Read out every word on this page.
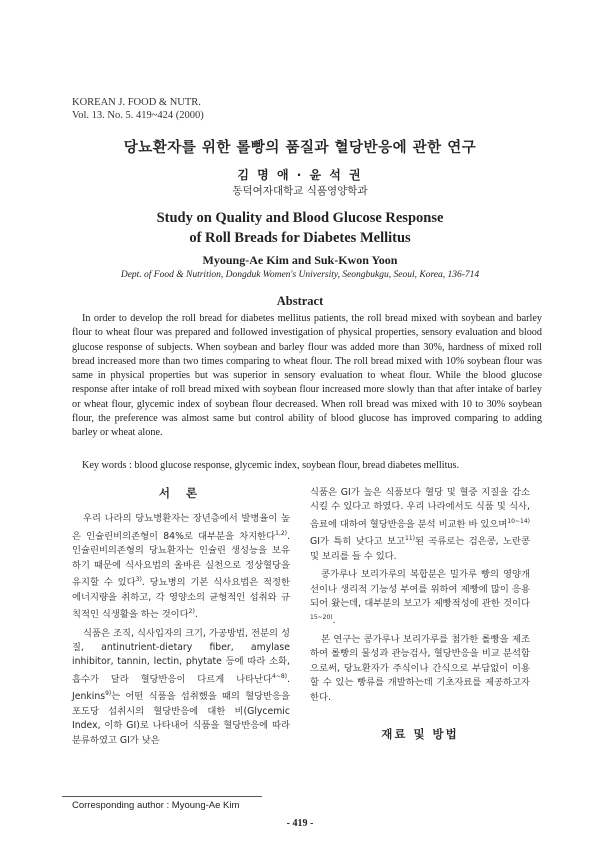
KOREAN J. FOOD & NUTR.
Vol. 13. No. 5. 419~424 (2000)
당뇨환자를 위한 롤빵의 품질과 혈당반응에 관한 연구
김 명 애 · 윤 석 권
동덕여자대학교 식품영양학과
Study on Quality and Blood Glucose Response
of Roll Breads for Diabetes Mellitus
Myoung-Ae Kim and Suk-Kwon Yoon
Dept. of Food & Nutrition, Dongduk Women's University, Seongbukgu, Seoul, Korea, 136-714
Abstract

In order to develop the roll bread for diabetes mellitus patients, the roll bread mixed with soybean and barley flour to wheat flour was prepared and followed investigation of physical properties, sensory evaluation and blood glucose response of subjects. When soybean and barley flour was added more than 30%, hardness of mixed roll bread increased more than two times comparing to wheat flour. The roll bread mixed with 10% soybean flour was same in physical properties but was superior in sensory evaluation to wheat flour. While the blood glucose response after intake of roll bread mixed with soybean flour increased more slowly than that after intake of barley or wheat flour, glycemic index of soybean flour decreased. When roll bread was mixed with 10 to 30% soybean flour, the preference was almost same but control ability of blood glucose has improved comparing to adding barley or wheat alone.

Key words : blood glucose response, glycemic index, soybean flour, bread diabetes mellitus.
서 론

우리 나라의 당뇨병환자는 장년층에서 발병율이 높은 인슐린비의존형이 84%로 대부분을 차지한다$^{1,2)}$. 인슐린비의존형의 당뇨환자는 인슐린 생성능을 보유하기 때문에 식사요법의 올바른 실천으로 정상혈당을 유지할 수 있다$^{3)}$. 당뇨병의 기본 식사요법은 적정한 에너지량을 취하고, 각 영양소의 균형적인 섭취와 규칙적인 식생활을 하는 것이다$^{2)}$.

식품은 조직, 식사입자의 크기, 가공방법, 전분의 성질, antinutrient-dietary fiber, amylase inhibitor, tannin, lectin, phytate 등에 따라 소화, 흡수가 달라 혈당반응이 다르게 나타난다$^{4\sim 8)}$. Jenkins$^{9)}$는 어떤 식품을 섭취했을 때의 혈당반응을 포도당 섭취시의 혈당반응에 대한 비(Glycemic Index, 이하 GI)로 나타내어 식품을 혈당반응에 따라 분류하였고 GI가 낮은

식품은 GI가 높은 식품보다 혈당 및 혈중 지질을 감소시킬 수 있다고 하였다. 우리 나라에서도 식품 및 식사, 음료에 대하여 혈당반응을 분석 비교한 바 있으며$^{10\sim 14)}$ GI가 특히 낮다고 보고$^{11)}$된 곡류로는 검은콩, 노란콩 및 보리를 들 수 있다.

콩가루나 보리가루의 복합분은 밀가루 빵의 영양개선이나 생리적 기능성 부여를 위하여 제빵에 많이 응용되어 왔는데, 대부분의 보고가 제빵적성에 관한 것이다$^{15\sim 20)}$.

본 연구는 콩가루나 보리가루를 첨가한 롤빵을 제조하여 롤빵의 물성과 관능검사, 혈당반응을 비교 분석함으로써, 당뇨환자가 주식이나 간식으로 부담없이 이용할 수 있는 빵류를 개발하는데 기초자료를 제공하고자 한다.

재료 및 방법
Corresponding author : Myoung-Ae Kim
- 419 -
